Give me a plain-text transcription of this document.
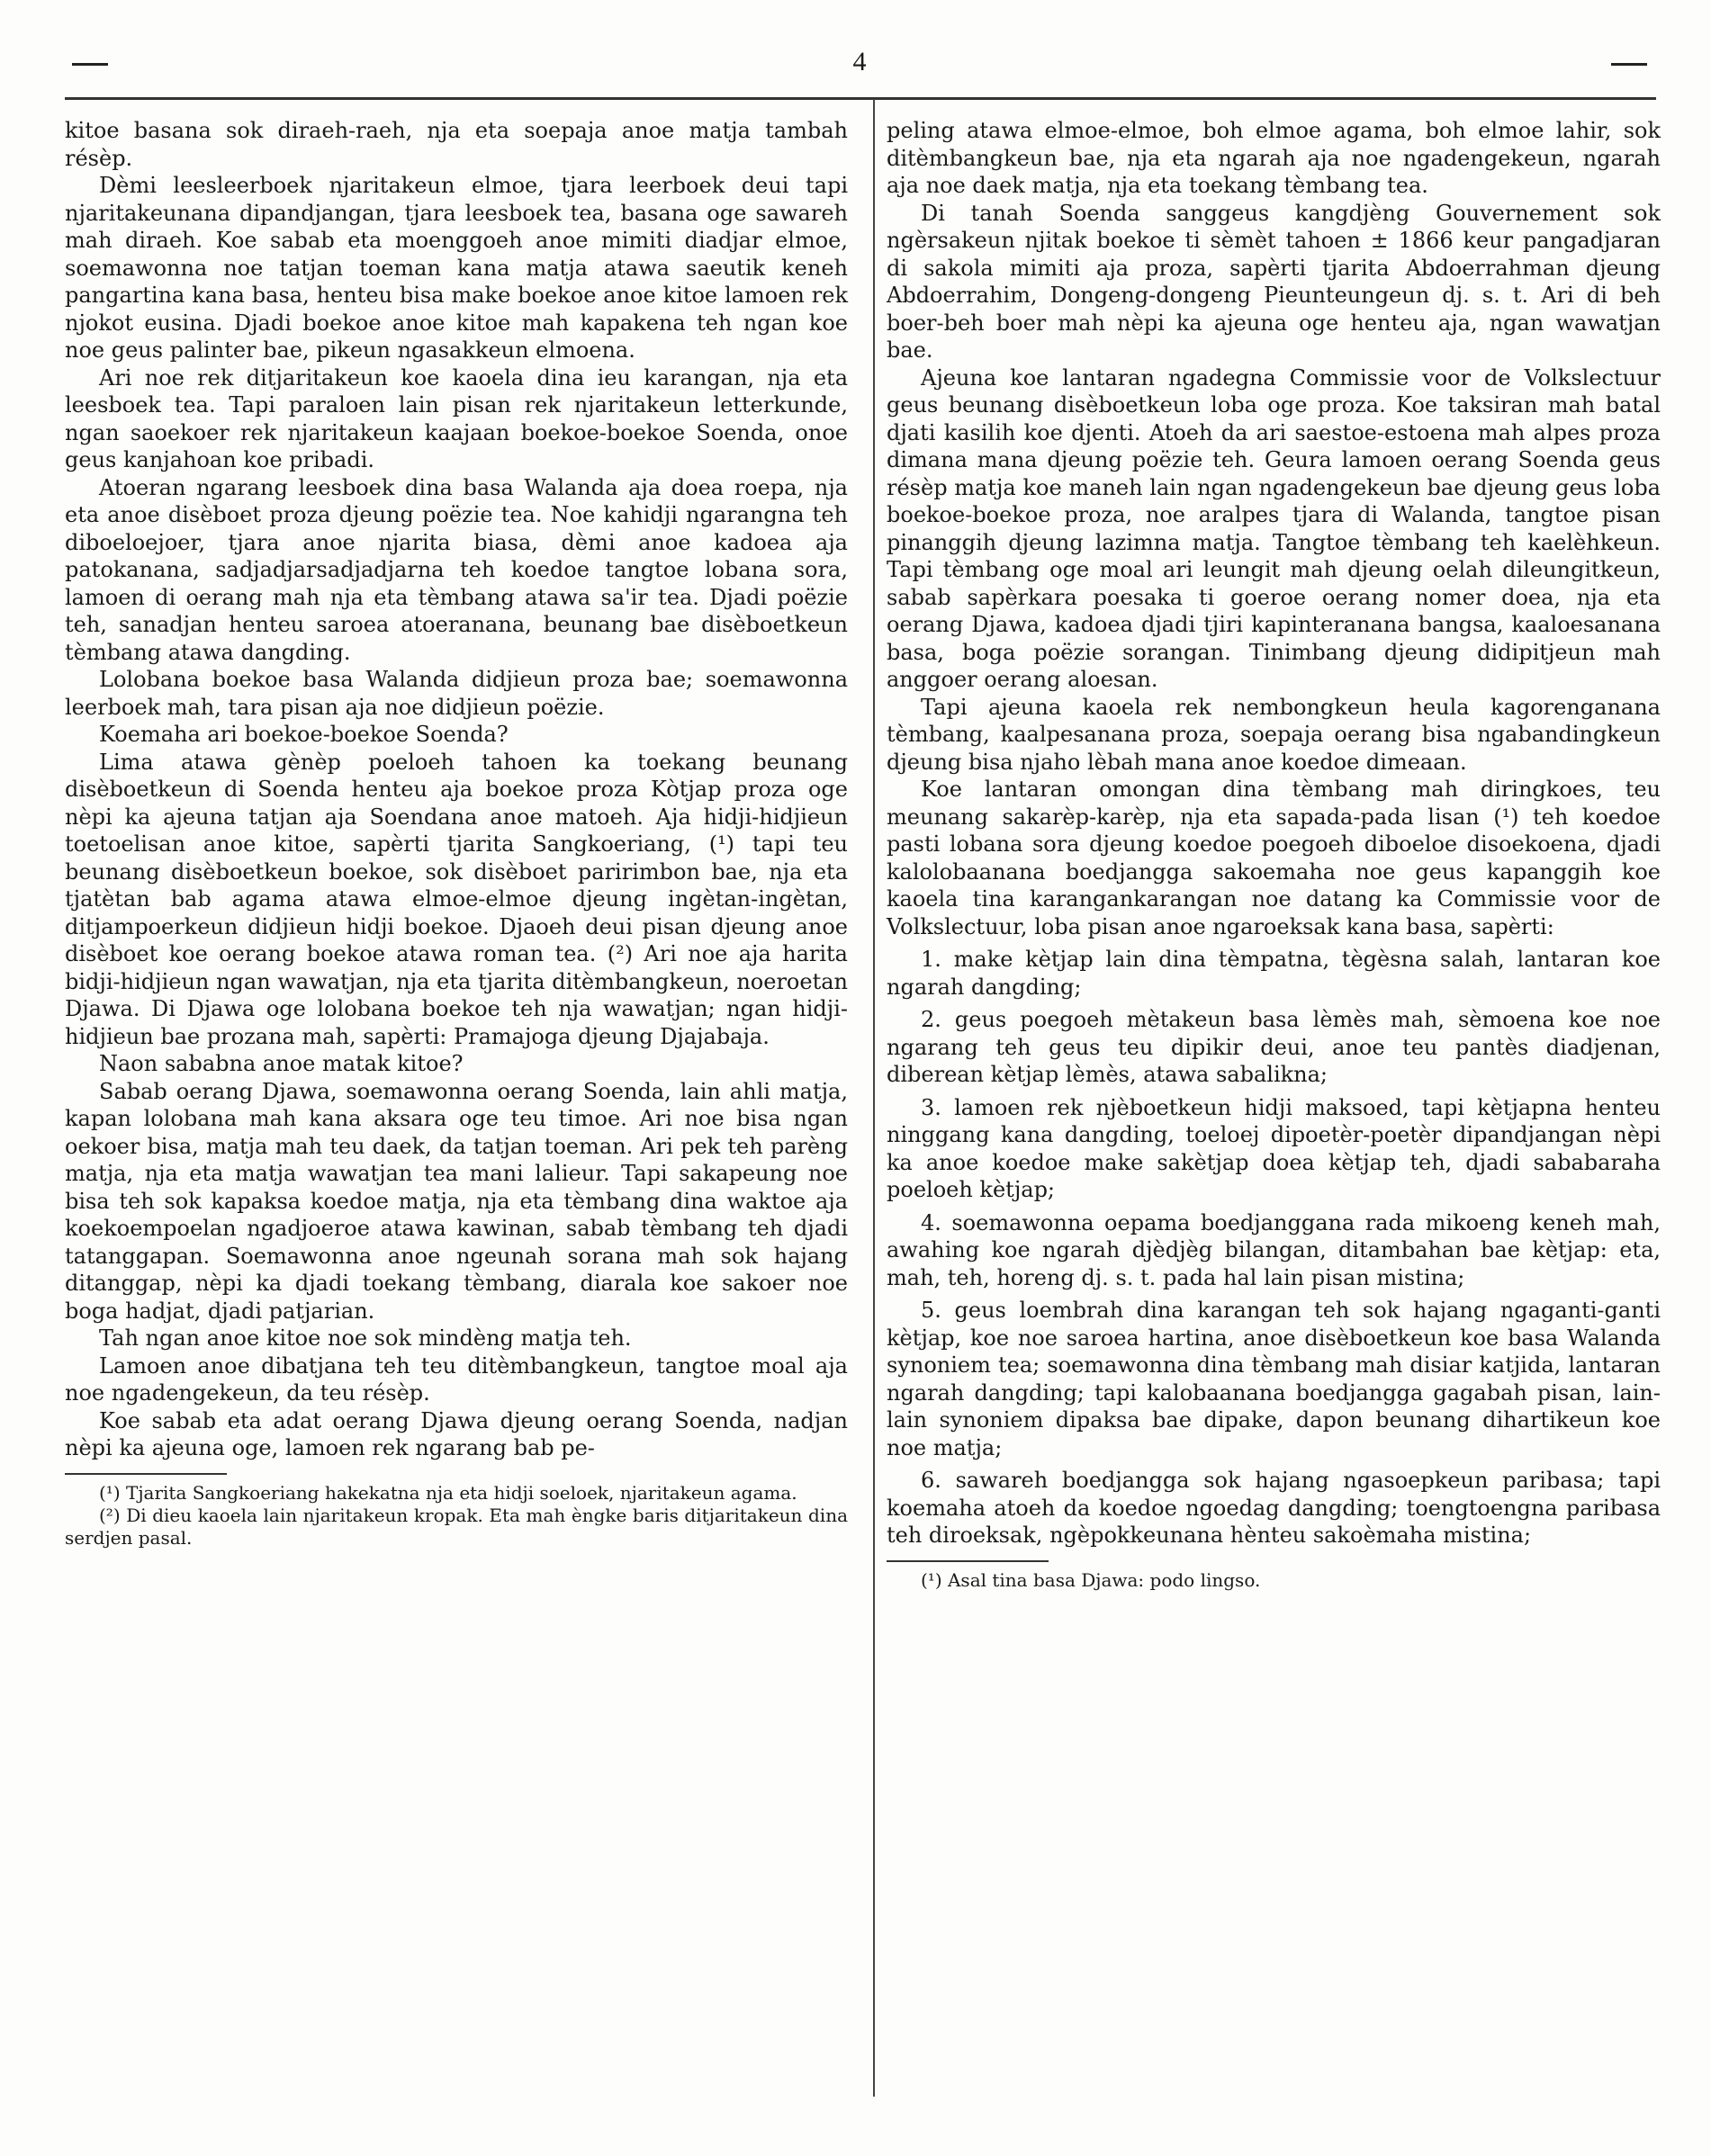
4

kitoe basana sok diraeh-raeh, nja eta soepaja anoe matja tambah résèp.

Dèmi leesleerboek njaritakeun elmoe, tjara leerboek deui tapi njaritakeunana dipandjangan, tjara leesboek tea, basana oge sawareh mah diraeh. Koe sabab eta moenggoeh anoe mimiti diadjar elmoe, soemawonna noe tatjan toeman kana matja atawa saeutik keneh pangartina kana basa, henteu bisa make boekoe anoe kitoe lamoen rek njokot eusina. Djadi boekoe anoe kitoe mah kapakena teh ngan koe noe geus palinter bae, pikeun ngasakkeun elmoena.

Ari noe rek ditjaritakeun koe kaoela dina ieu karangan, nja eta leesboek tea. Tapi paraloen lain pisan rek njaritakeun letterkunde, ngan saoekoer rek njaritakeun kaajaan boekoe-boekoe Soenda, onoe geus kanjahoan koe pribadi.

Atoeran ngarang leesboek dina basa Walanda aja doea roepa, nja eta anoe disèboet proza djeung poëzie tea. Noe kahidji ngarangna teh diboeloejoer, tjara anoe njarita biasa, dèmi anoe kadoea aja patokanana, sadjadjarsadjadjarna teh koedoe tangtoe lobana sora, lamoen di oerang mah nja eta tèmbang atawa sa'ir tea. Djadi poëzie teh, sanadjan henteu saroea atoeranana, beunang bae disèboetkeun tèmbang atawa dangding.

Lolobana boekoe basa Walanda didjieun proza bae; soemawonna leerboek mah, tara pisan aja noe didjieun poëzie.

Koemaha ari boekoe-boekoe Soenda?

Lima atawa gènèp poeloeh tahoen ka toekang beunang disèboetkeun di Soenda henteu aja boekoe proza Kòtjap proza oge nèpi ka ajeuna tatjan aja Soendana anoe matoeh. Aja hidji-hidjieun toetoelisan anoe kitoe, sapèrti tjarita Sangkoeriang, (¹) tapi teu beunang disèboetkeun boekoe, sok disèboet paririmbon bae, nja eta tjatètan bab agama atawa elmoe-elmoe djeung ingètan-ingètan, ditjampoerkeun didjieun hidji boekoe. Djaoeh deui pisan djeung anoe disèboet koe oerang boekoe atawa roman tea. (²) Ari noe aja harita bidji-hidjieun ngan wawatjan, nja eta tjarita ditèmbangkeun, noeroetan Djawa. Di Djawa oge lolobana boekoe teh nja wawatjan; ngan hidji-hidjieun bae prozana mah, sapèrti: Pramajoga djeung Djajabaja.

Naon sababna anoe matak kitoe?

Sabab oerang Djawa, soemawonna oerang Soenda, lain ahli matja, kapan lolobana mah kana aksara oge teu timoe. Ari noe bisa ngan oekoer bisa, matja mah teu daek, da tatjan toeman. Ari pek teh parèng matja, nja eta matja wawatjan tea mani lalieur. Tapi sakapeung noe bisa teh sok kapaksa koedoe matja, nja eta tèmbang dina waktoe aja koekoempoelan ngadjoeroe atawa kawinan, sabab tèmbang teh djadi tatanggapan. Soemawonna anoe ngeunah sorana mah sok hajang ditanggap, nèpi ka djadi toekang tèmbang, diarala koe sakoer noe boga hadjat, djadi patjarian.

Tah ngan anoe kitoe noe sok mindèng matja teh.

Lamoen anoe dibatjana teh teu ditèmbangkeun, tangtoe moal aja noe ngadengekeun, da teu résèp.

Koe sabab eta adat oerang Djawa djeung oerang Soenda, nadjan nèpi ka ajeuna oge, lamoen rek ngarang bab pe-

(¹) Tjarita Sangkoeriang hakekatna nja eta hidji soeloek, njaritakeun agama.

(²) Di dieu kaoela lain njaritakeun kropak. Eta mah èngke baris ditjaritakeun dina serdjen pasal.

peling atawa elmoe-elmoe, boh elmoe agama, boh elmoe lahir, sok ditèmbangkeun bae, nja eta ngarah aja noe ngadengekeun, ngarah aja noe daek matja, nja eta toekang tèmbang tea.

Di tanah Soenda sanggeus kangdjèng Gouvernement sok ngèrsakeun njitak boekoe ti sèmèt tahoen ± 1866 keur pangadjaran di sakola mimiti aja proza, sapèrti tjarita Abdoerrahman djeung Abdoerrahim, Dongeng-dongeng Pieunteungeun dj. s. t. Ari di beh boer-beh boer mah nèpi ka ajeuna oge henteu aja, ngan wawatjan bae.

Ajeuna koe lantaran ngadegna Commissie voor de Volkslectuur geus beunang disèboetkeun loba oge proza. Koe taksiran mah batal djati kasilih koe djenti. Atoeh da ari saestoe-estoena mah alpes proza dimana mana djeung poëzie teh. Geura lamoen oerang Soenda geus résèp matja koe maneh lain ngan ngadengekeun bae djeung geus loba boekoe-boekoe proza, noe aralpes tjara di Walanda, tangtoe pisan pinanggih djeung lazimna matja. Tangtoe tèmbang teh kaelèhkeun. Tapi tèmbang oge moal ari leungit mah djeung oelah dileungitkeun, sabab sapèrkara poesaka ti goeroe oerang nomer doea, nja eta oerang Djawa, kadoea djadi tjiri kapinteranana bangsa, kaaloesanana basa, boga poëzie sorangan. Tinimbang djeung didipitjeun mah anggoer oerang aloesan.

Tapi ajeuna kaoela rek nembongkeun heula kagorenganana tèmbang, kaalpesanana proza, soepaja oerang bisa ngabandingkeun djeung bisa njaho lèbah mana anoe koedoe dimeaan.

Koe lantaran omongan dina tèmbang mah diringkoes, teu meunang sakarèp-karèp, nja eta sapada-pada lisan (¹) teh koedoe pasti lobana sora djeung koedoe poegoeh diboeloe disoekoena, djadi kalolobaanana boedjangga sakoemaha noe geus kapanggih koe kaoela tina karangankarangan noe datang ka Commissie voor de Volkslectuur, loba pisan anoe ngaroeksak kana basa, sapèrti:

1. make kètjap lain dina tèmpatna, tègèsna salah, lantaran koe ngarah dangding;

2. geus poegoeh mètakeun basa lèmès mah, sèmoena koe noe ngarang teh geus teu dipikir deui, anoe teu pantès diadjenan, diberean kètjap lèmès, atawa sabalikna;

3. lamoen rek njèboetkeun hidji maksoed, tapi kètjapna henteu ninggang kana dangding, toeloej dipoetèr-poetèr dipandjangan nèpi ka anoe koedoe make sakètjap doea kètjap teh, djadi sababaraha poeloeh kètjap;

4. soemawonna oepama boedjanggana rada mikoeng keneh mah, awahing koe ngarah djèdjèg bilangan, ditambahan bae kètjap: eta, mah, teh, horeng dj. s. t. pada hal lain pisan mistina;

5. geus loembrah dina karangan teh sok hajang ngaganti-ganti kètjap, koe noe saroea hartina, anoe disèboetkeun koe basa Walanda synoniem tea; soemawonna dina tèmbang mah disiar katjida, lantaran ngarah dangding; tapi kalobaanana boedjangga gagabah pisan, lain-lain synoniem dipaksa bae dipake, dapon beunang dihartikeun koe noe matja;

6. sawareh boedjangga sok hajang ngasoepkeun paribasa; tapi koemaha atoeh da koedoe ngoedag dangding; toengtoengna paribasa teh diroeksak, ngèpokkeunana hènteu sakoèmaha mistina;

(¹) Asal tina basa Djawa: podo lingso.
